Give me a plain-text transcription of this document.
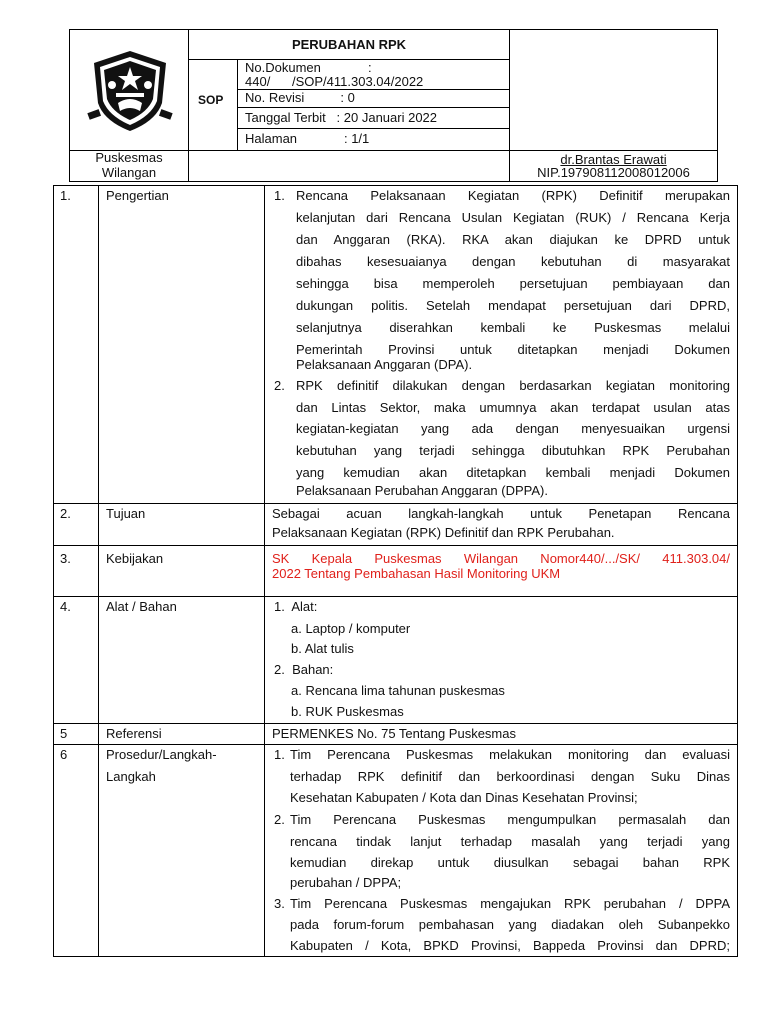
PERUBAHAN RPK
SOP
No.Dokumen	:
440/      /SOP/411.303.04/2022
No. Revisi          : 0
Tanggal Terbit   : 20 Januari 2022
Halaman             : 1/1
Puskesmas
Wilangan
dr.Brantas Erawati
NIP.197908112008012006
1.	Pengertian	1. Rencana Pelaksanaan Kegiatan (RPK) Definitif merupakan
kelanjutan dari Rencana Usulan Kegiatan (RUK) / Rencana Kerja
dan Anggaran (RKA). RKA akan diajukan ke DPRD untuk
dibahas kesesuaianya dengan kebutuhan di masyarakat
sehingga bisa memperoleh persetujuan pembiayaan dan
dukungan politis. Setelah mendapat persetujuan dari DPRD,
selanjutnya diserahkan kembali ke Puskesmas melalui
Pemerintah Provinsi untuk ditetapkan menjadi Dokumen
Pelaksanaan Anggaran (DPA).
2. RPK definitif dilakukan dengan berdasarkan kegiatan monitoring
dan Lintas Sektor, maka umumnya akan terdapat usulan atas
kegiatan-kegiatan yang ada dengan menyesuaikan urgensi
kebutuhan yang terjadi sehingga dibutuhkan RPK Perubahan
yang kemudian akan ditetapkan kembali menjadi Dokumen
Pelaksanaan Perubahan Anggaran (DPPA).
2.	Tujuan	Sebagai acuan langkah-langkah untuk Penetapan Rencana
Pelaksanaan Kegiatan (RPK) Definitif dan RPK Perubahan.
3.	Kebijakan	SK Kepala Puskesmas Wilangan Nomor440/.../SK/ 411.303.04/
2022 Tentang Pembahasan Hasil Monitoring UKM
4.	Alat / Bahan	1.  Alat:
a. Laptop / komputer
b. Alat tulis
2.  Bahan:
a. Rencana lima tahunan puskesmas
b. RUK Puskesmas
5	Referensi	PERMENKES No. 75 Tentang Puskesmas
6	Prosedur/Langkah-
Langkah
1. Tim Perencana Puskesmas melakukan monitoring dan evaluasi
terhadap RPK definitif dan berkoordinasi dengan Suku Dinas
Kesehatan Kabupaten / Kota dan Dinas Kesehatan Provinsi;
2. Tim Perencana Puskesmas mengumpulkan permasalah dan
rencana tindak lanjut terhadap masalah yang terjadi yang
kemudian direkap untuk diusulkan sebagai bahan RPK
perubahan / DPPA;
3. Tim Perencana Puskesmas mengajukan RPK perubahan / DPPA
pada forum-forum pembahasan yang diadakan oleh Subanpekko
Kabupaten / Kota, BPKD Provinsi, Bappeda Provinsi dan DPRD;
